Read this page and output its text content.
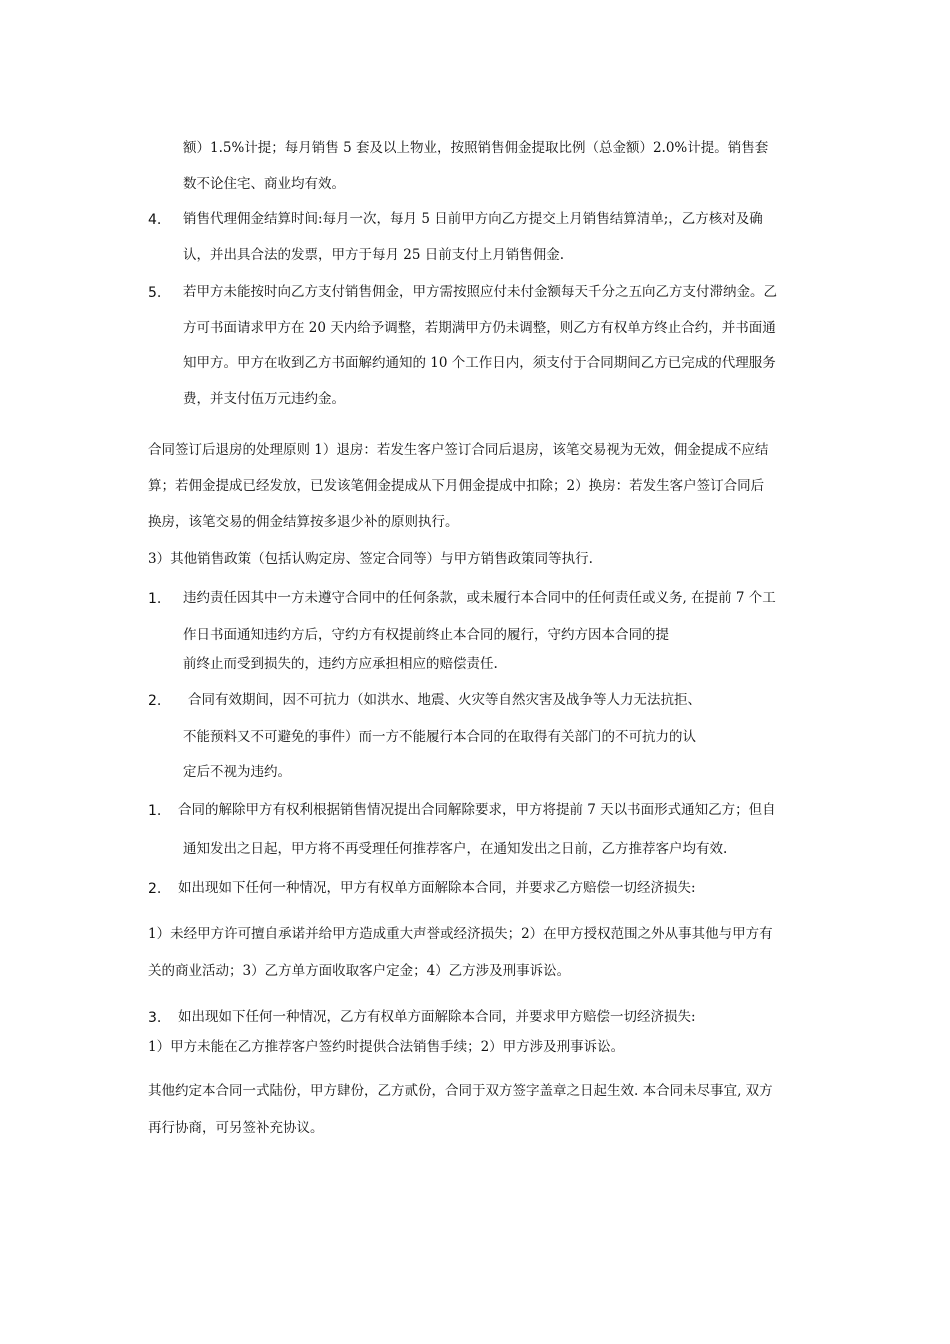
额）1.5%计提；每月销售 5 套及以上物业，按照销售佣金提取比例（总金额）2.0%计提。销售套
数不论住宅、商业均有效。
4. 销售代理佣金结算时间:每月一次，每月 5 日前甲方向乙方提交上月销售结算清单;，乙方核对及确
认，并出具合法的发票，甲方于每月 25 日前支付上月销售佣金.
5. 若甲方未能按时向乙方支付销售佣金，甲方需按照应付未付金额每天千分之五向乙方支付滞纳金。乙
方可书面请求甲方在 20 天内给予调整，若期满甲方仍未调整，则乙方有权单方终止合约，并书面通
知甲方。甲方在收到乙方书面解约通知的 10 个工作日内，须支付于合同期间乙方已完成的代理服务
费，并支付伍万元违约金。
合同签订后退房的处理原则 1）退房：若发生客户签订合同后退房，该笔交易视为无效，佣金提成不应结
算；若佣金提成已经发放，已发该笔佣金提成从下月佣金提成中扣除；2）换房：若发生客户签订合同后
换房，该笔交易的佣金结算按多退少补的原则执行。
3）其他销售政策（包括认购定房、签定合同等）与甲方销售政策同等执行.
1. 违约责任因其中一方未遵守合同中的任何条款，或未履行本合同中的任何责任或义务, 在提前 7 个工
作日书面通知违约方后，守约方有权提前终止本合同的履行，守约方因本合同的提
前终止而受到损失的，违约方应承担相应的赔偿责任.
2. 合同有效期间，因不可抗力（如洪水、地震、火灾等自然灾害及战争等人力无法抗拒、
不能预料又不可避免的事件）而一方不能履行本合同的在取得有关部门的不可抗力的认
定后不视为违约。
1. 合同的解除甲方有权利根据销售情况提出合同解除要求，甲方将提前 7 天以书面形式通知乙方；但自
通知发出之日起，甲方将不再受理任何推荐客户，在通知发出之日前，乙方推荐客户均有效.
2. 如出现如下任何一种情况，甲方有权单方面解除本合同，并要求乙方赔偿一切经济损失:
1）未经甲方许可擅自承诺并给甲方造成重大声誉或经济损失；2）在甲方授权范围之外从事其他与甲方有
关的商业活动；3）乙方单方面收取客户定金；4）乙方涉及刑事诉讼。
3. 如出现如下任何一种情况，乙方有权单方面解除本合同，并要求甲方赔偿一切经济损失:
1）甲方未能在乙方推荐客户签约时提供合法销售手续；2）甲方涉及刑事诉讼。
其他约定本合同一式陆份，甲方肆份，乙方贰份，合同于双方签字盖章之日起生效. 本合同未尽事宜, 双方
再行协商，可另签补充协议。
